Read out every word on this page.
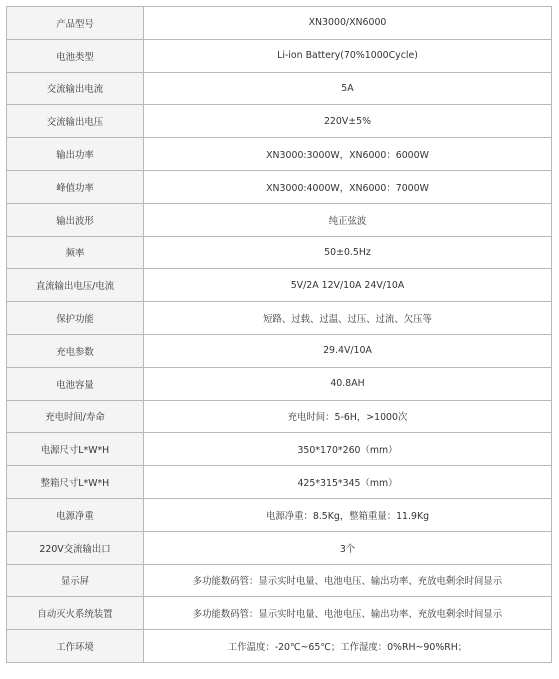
产品型号	XN3000/XN6000
电池类型	Li-ion Battery(70%1000Cycle)
交流输出电流	5A
交流输出电压	220V±5%
输出功率	XN3000:3000W，XN6000：6000W
峰值功率	XN3000:4000W，XN6000：7000W
输出波形	纯正弦波
频率	50±0.5Hz
直流输出电压/电流	5V/2A 12V/10A 24V/10A
保护功能	短路、过载、过温、过压、过流、欠压等
充电参数	29.4V/10A
电池容量	40.8AH
充电时间/寿命	充电时间：5-6H，>1000次
电源尺寸L*W*H	350*170*260（mm）
整箱尺寸L*W*H	425*315*345（mm）
电源净重	电源净重：8.5Kg，整箱重量：11.9Kg
220V交流输出口	3个
显示屏	多功能数码管：显示实时电量、电池电压、输出功率、充放电剩余时间显示
自动灭火系统装置	多功能数码管：显示实时电量、电池电压、输出功率、充放电剩余时间显示
工作环境	工作温度：-20℃~65℃；工作湿度：0%RH~90%RH；
